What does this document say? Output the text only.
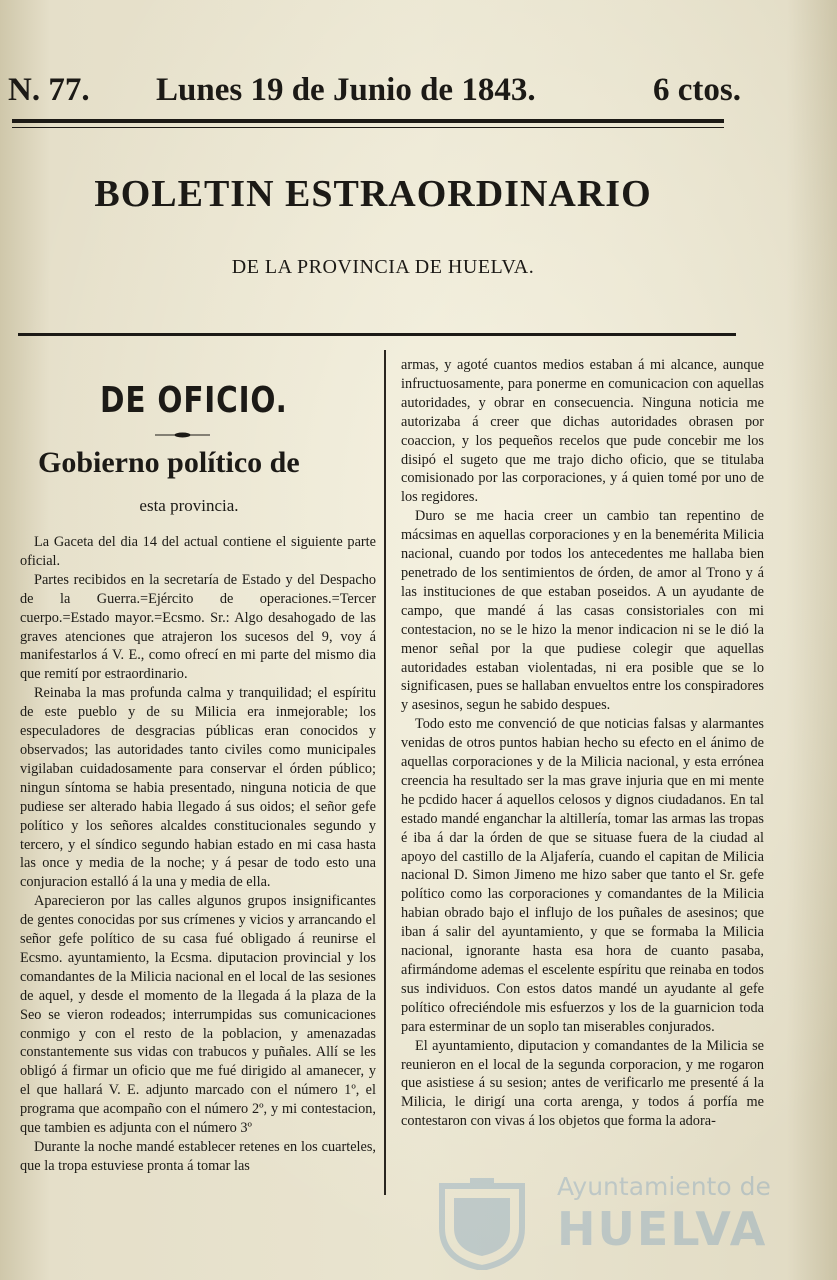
N. 77. Lunes 19 de Junio de 1843.	6 ctos.
BOLETIN ESTRAORDINARIO
DE LA PROVINCIA DE HUELVA.
DE OFICIO.
Gobierno político de
esta provincia.

La Gaceta del dia 14 del actual contiene el siguiente parte oficial.

Partes recibidos en la secretaría de Estado y del Despacho de la Guerra.=Ejército de operaciones.=Tercer cuerpo.=Estado mayor.=Ecsmo. Sr.: Algo desahogado de las graves atenciones que atrajeron los sucesos del 9, voy á manifestarlos á V. E., como ofrecí en mi parte del mismo dia que remití por estraordinario.

Reinaba la mas profunda calma y tranquilidad; el espíritu de este pueblo y de su Milicia era inmejorable; los especuladores de desgracias públicas eran conocidos y observados; las autoridades tanto civiles como municipales vigilaban cuidadosamente para conservar el órden público; ningun síntoma se habia presentado, ninguna noticia de que pudiese ser alterado habia llegado á sus oidos; el señor gefe político y los señores alcaldes constitucionales segundo y tercero, y el síndico segundo habian estado en mi casa hasta las once y media de la noche; y á pesar de todo esto una conjuracion estalló á la una y media de ella.

Aparecieron por las calles algunos grupos insignificantes de gentes conocidas por sus crímenes y vicios y arrancando el señor gefe político de su casa fué obligado á reunirse el Ecsmo. ayuntamiento, la Ecsma. diputacion provincial y los comandantes de la Milicia nacional en el local de las sesiones de aquel, y desde el momento de la llegada á la plaza de la Seo se vieron rodeados; interrumpidas sus comunicaciones conmigo y con el resto de la poblacion, y amenazadas constantemente sus vidas con trabucos y puñales. Allí se les obligó á firmar un oficio que me fué dirigido al amanecer, y el que hallará V. E. adjunto marcado con el número 1º, el programa que acompaño con el número 2º, y mi contestacion, que tambien es adjunta con el número 3º

Durante la noche mandé establecer retenes en los cuarteles, que la tropa estuviese pronta á tomar las

armas, y agoté cuantos medios estaban á mi alcance, aunque infructuosamente, para ponerme en comunicacion con aquellas autoridades, y obrar en consecuencia. Ninguna noticia me autorizaba á creer que dichas autoridades obrasen por coaccion, y los pequeños recelos que pude concebir me los disipó el sugeto que me trajo dicho oficio, que se titulaba comisionado por las corporaciones, y á quien tomé por uno de los regidores.

Duro se me hacia creer un cambio tan repentino de mácsimas en aquellas corporaciones y en la benemérita Milicia nacional, cuando por todos los antecedentes me hallaba bien penetrado de los sentimientos de órden, de amor al Trono y á las instituciones de que estaban poseidos. A un ayudante de campo, que mandé á las casas consistoriales con mi contestacion, no se le hizo la menor indicacion ni se le dió la menor señal por la que pudiese colegir que aquellas autoridades estaban violentadas, ni era posible que se lo significasen, pues se hallaban envueltos entre los conspiradores y asesinos, segun he sabido despues.

Todo esto me convenció de que noticias falsas y alarmantes venidas de otros puntos habian hecho su efecto en el ánimo de aquellas corporaciones y de la Milicia nacional, y esta errónea creencia ha resultado ser la mas grave injuria que en mi mente he pcdido hacer á aquellos celosos y dignos ciudadanos. En tal estado mandé enganchar la altillería, tomar las armas las tropas é iba á dar la órden de que se situase fuera de la ciudad al apoyo del castillo de la Aljafería, cuando el capitan de Milicia nacional D. Simon Jimeno me hizo saber que tanto el Sr. gefe político como las corporaciones y comandantes de la Milicia habian obrado bajo el influjo de los puñales de asesinos; que iban á salir del ayuntamiento, y que se formaba la Milicia nacional, ignorante hasta esa hora de cuanto pasaba, afirmándome ademas el escelente espíritu que reinaba en todos sus individuos. Con estos datos mandé un ayudante al gefe político ofreciéndole mis esfuerzos y los de la guarnicion toda para esterminar de un soplo tan miserables conjurados.

El ayuntamiento, diputacion y comandantes de la Milicia se reunieron en el local de la segunda corporacion, y me rogaron que asistiese á su sesion; antes de verificarlo me presenté á la Milicia, le dirigí una corta arenga, y todos á porfía me contestaron con vivas á los objetos que forma la adora-

Ayuntamiento de
HUELVA
